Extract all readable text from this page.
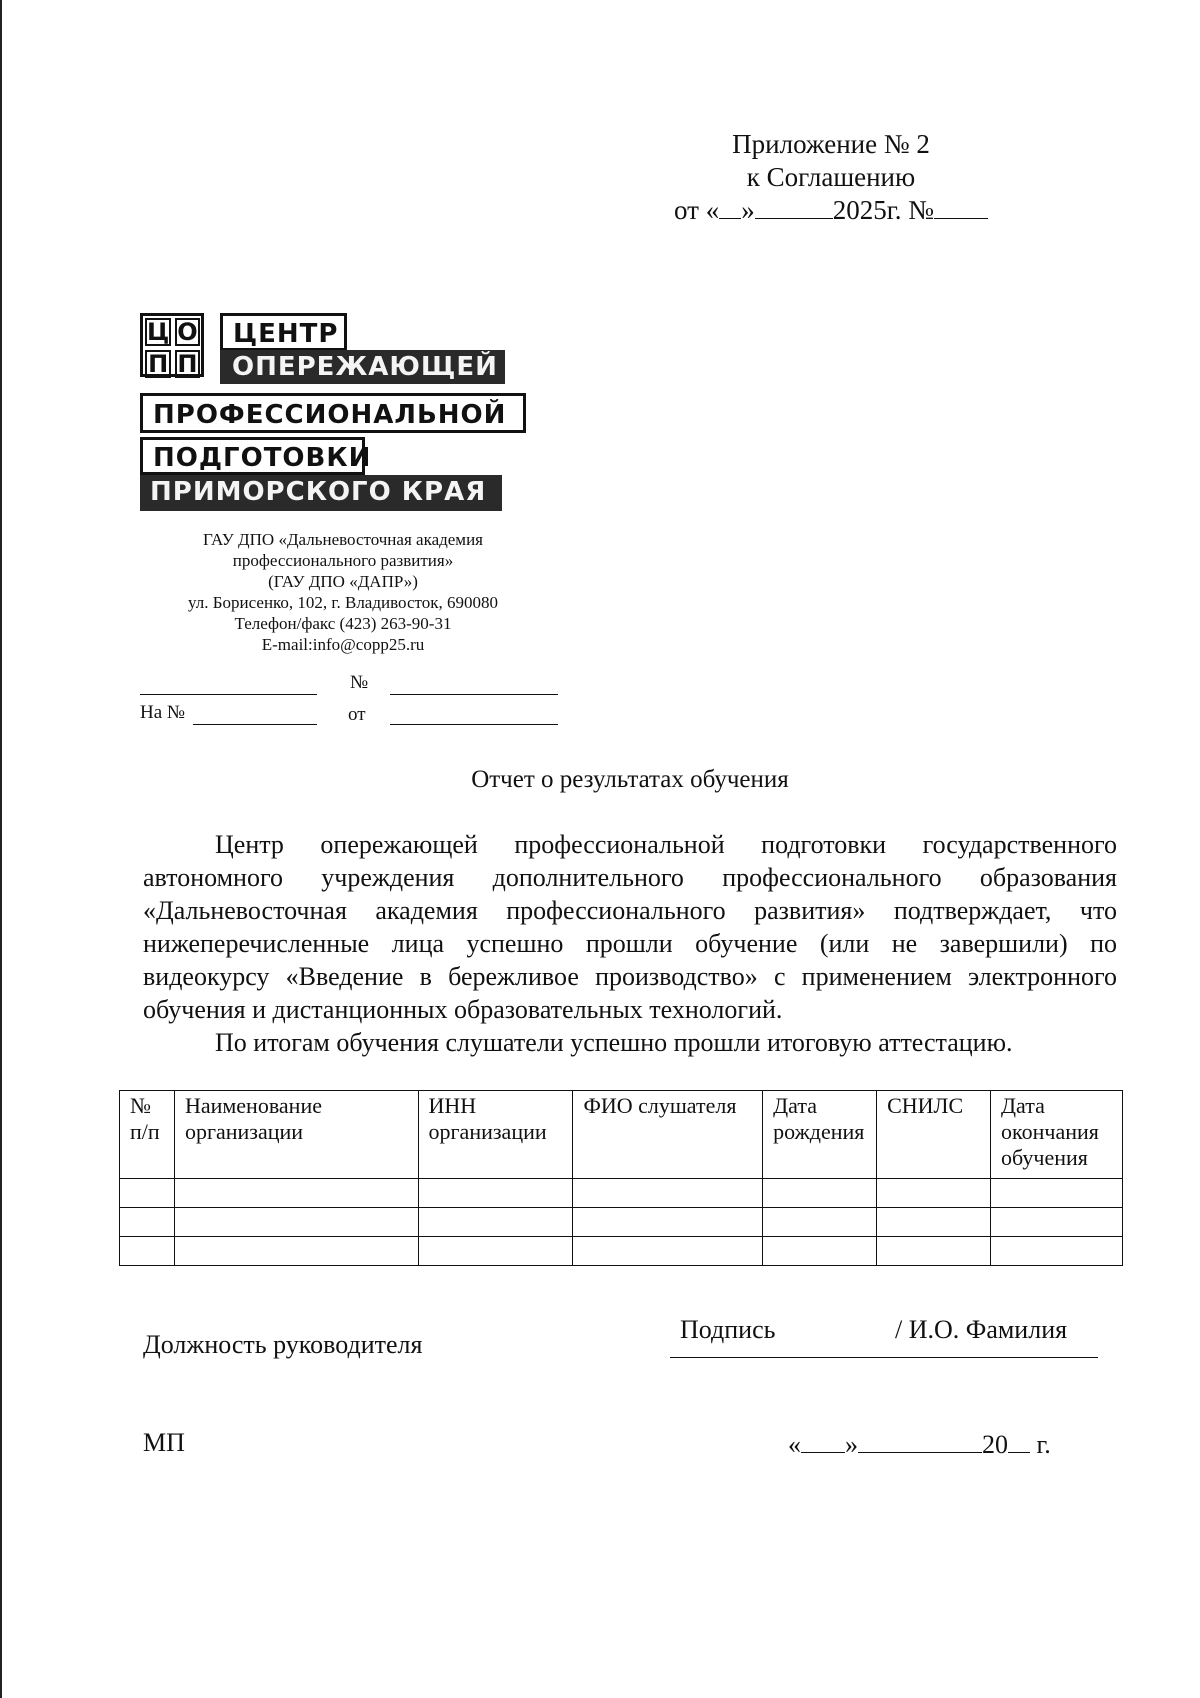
Приложение № 2
к Соглашению
от « »	2025г. №
Ц О
П П
ЦЕНТР
ОПЕРЕЖАЮЩЕЙ
ПРОФЕССИОНАЛЬНОЙ
ПОДГОТОВКИ
ПРИМОРСКОГО КРАЯ
ГАУ ДПО «Дальневосточная академия
профессионального развития»
(ГАУ ДПО «ДАПР»)
ул. Борисенко, 102, г. Владивосток, 690080
Телефон/факс (423) 263-90-31
E-mail:info@copp25.ru
№
На №	от
Отчет о результатах обучения

Центр опережающей профессиональной подготовки государственного автономного учреждения дополнительного профессионального образования «Дальневосточная академия профессионального развития» подтверждает, что нижеперечисленные лица успешно прошли обучение (или не завершили) по видеокурсу «Введение в бережливое производство» с применением электронного обучения и дистанционных образовательных технологий.

По итогам обучения слушатели успешно прошли итоговую аттестацию.

№ п/п	Наименование организации	ИНН организации	ФИО слушателя	Дата рождения	СНИЛС	Дата окончания обучения

Должность руководителя
Подпись	/ И.О. Фамилия
МП	« »	20 г.
